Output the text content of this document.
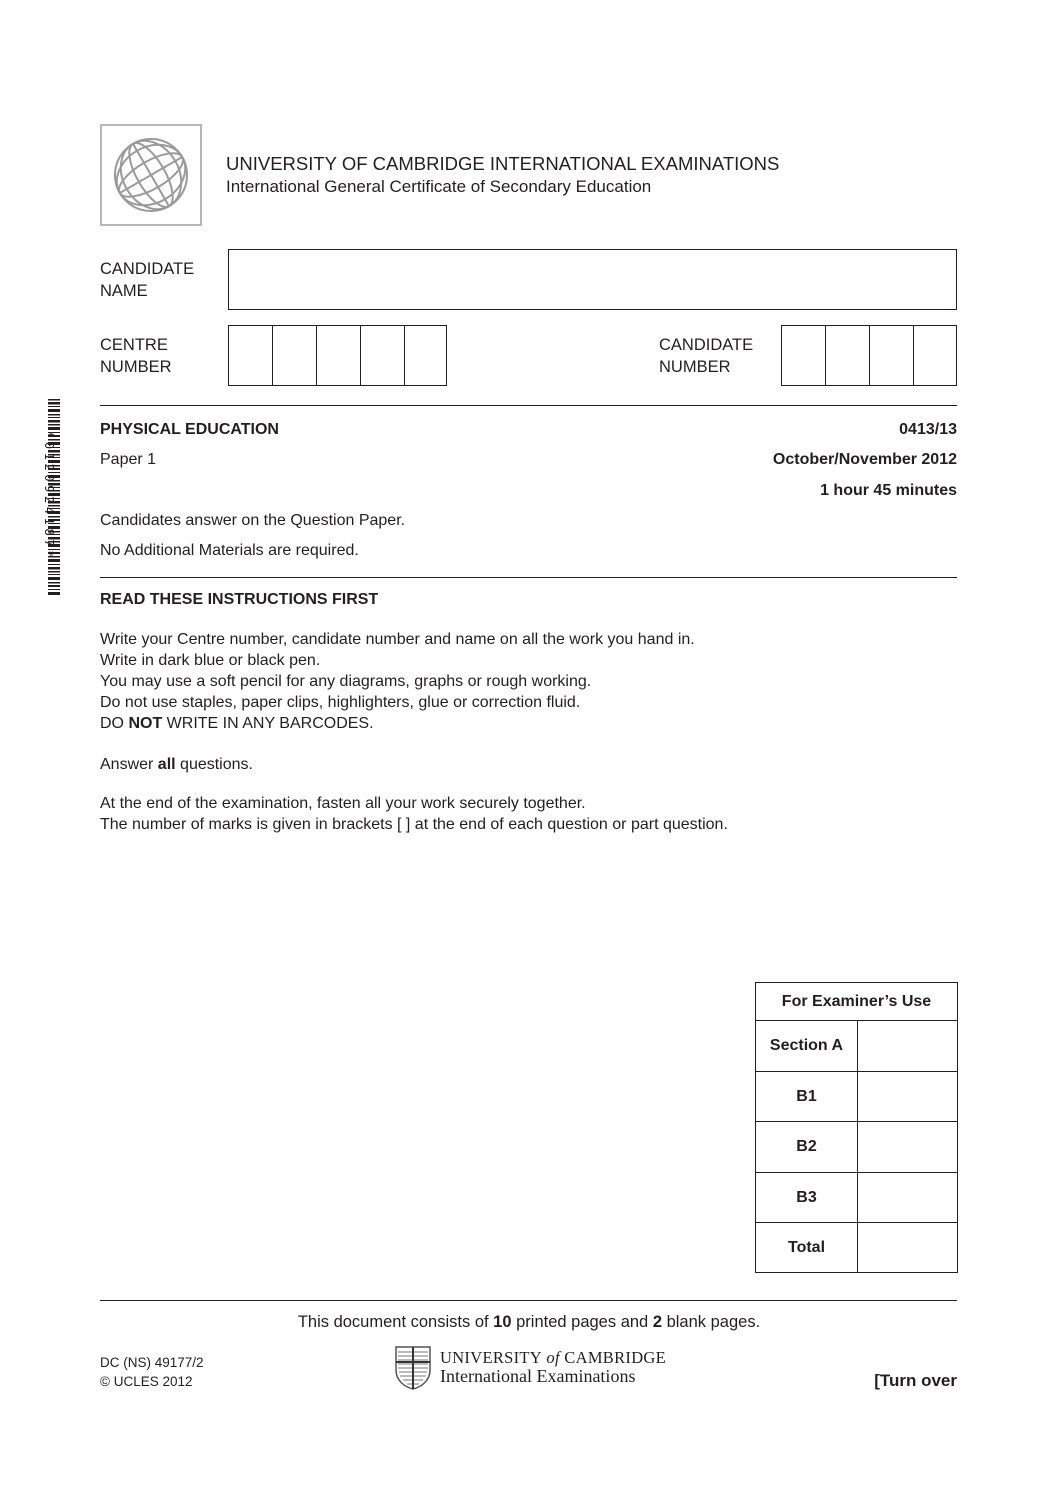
UNIVERSITY OF CAMBRIDGE INTERNATIONAL EXAMINATIONS
International General Certificate of Secondary Education
CANDIDATE
NAME
CENTRE
NUMBER
CANDIDATE
NUMBER
*0120924187*
PHYSICAL EDUCATION	0413/13
Paper 1	October/November 2012
1 hour 45 minutes
Candidates answer on the Question Paper.
No Additional Materials are required.
READ THESE INSTRUCTIONS FIRST
Write your Centre number, candidate number and name on all the work you hand in.
Write in dark blue or black pen.
You may use a soft pencil for any diagrams, graphs or rough working.
Do not use staples, paper clips, highlighters, glue or correction fluid.
DO NOT WRITE IN ANY BARCODES.
Answer all questions.
At the end of the examination, fasten all your work securely together.
The number of marks is given in brackets [ ] at the end of each question or part question.
For Examiner’s Use	
Section A	
B1	
B2	
B3	
Total	
This document consists of 10 printed pages and 2 blank pages.
DC (NS) 49177/2
© UCLES 2012
UNIVERSITY of CAMBRIDGE
International Examinations	[Turn over
